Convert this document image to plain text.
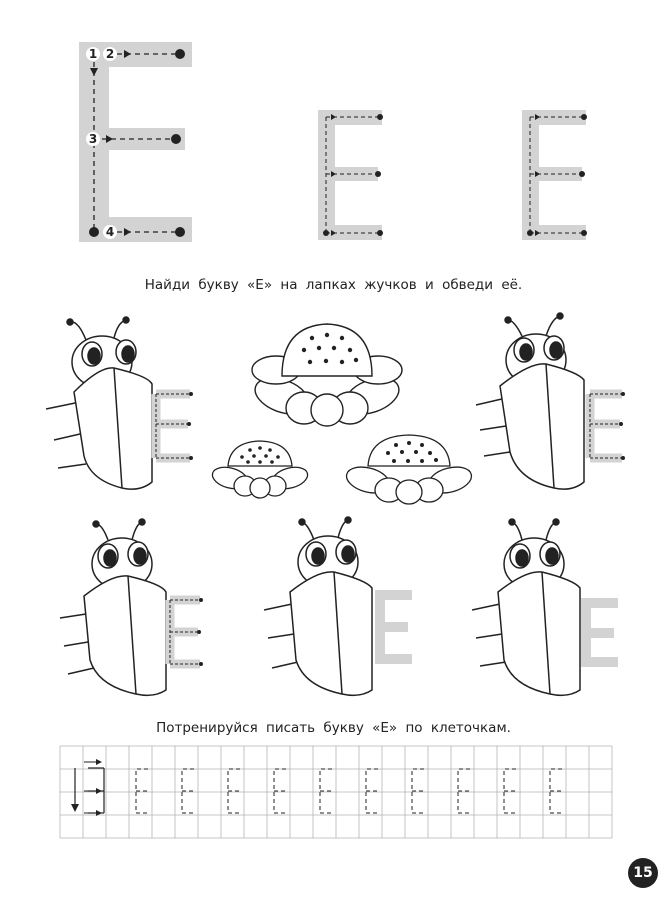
1 2
3
4
Найди букву «Е» на лапках жучков и обведи её.
Потренируйся писать букву «Е» по клеточкам.
15
